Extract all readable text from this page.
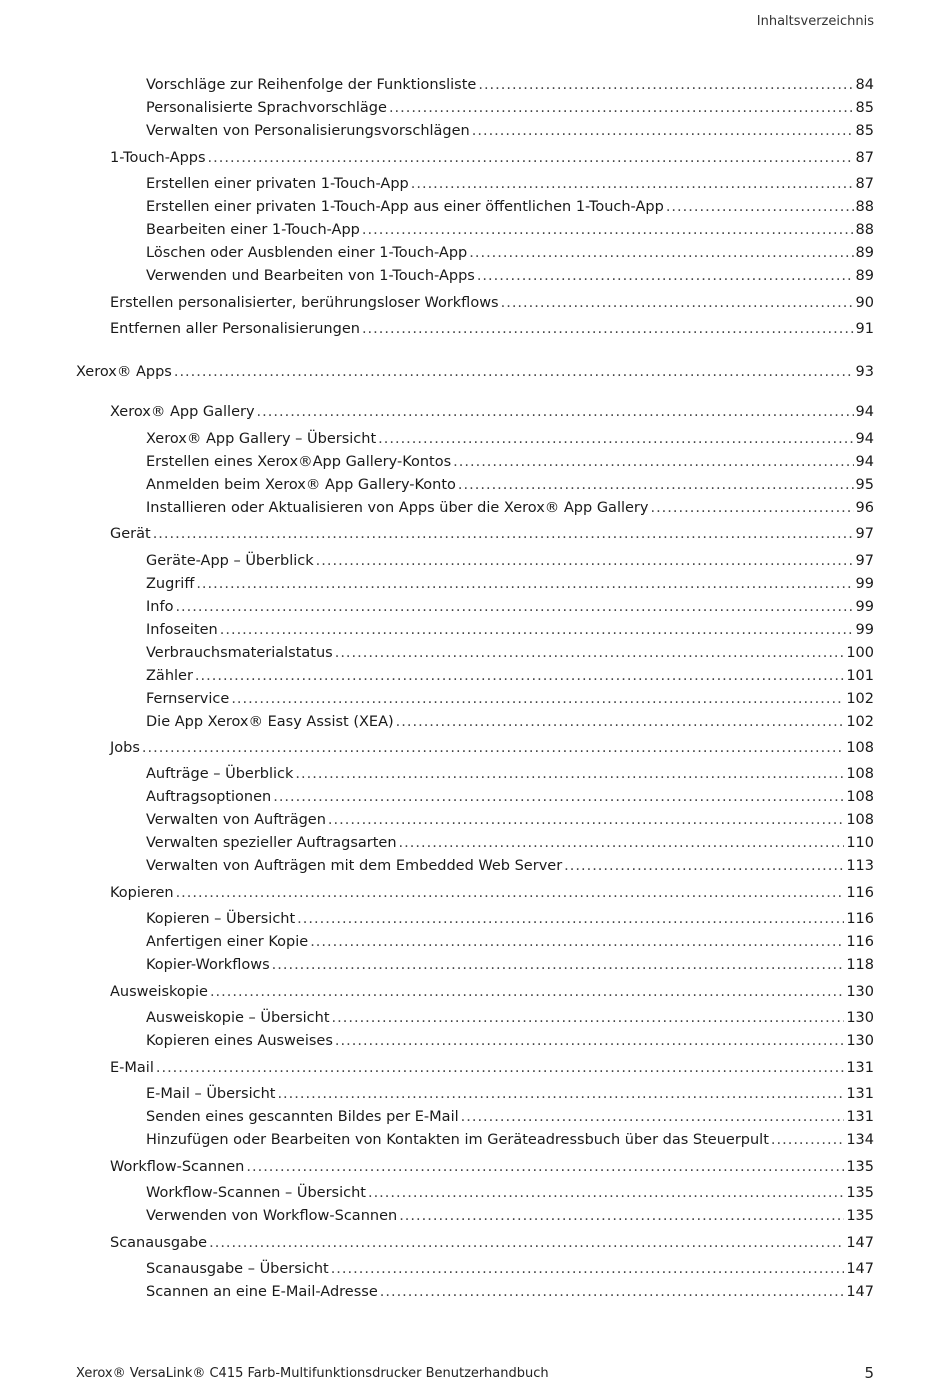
Inhaltsverzeichnis
Vorschläge zur Reihenfolge der Funktionsliste .....	84
Personalisierte Sprachvorschläge .....	85
Verwalten von Personalisierungsvorschlägen .....	85
1-Touch-Apps .....	87
Erstellen einer privaten 1-Touch-App .....	87
Erstellen einer privaten 1-Touch-App aus einer öffentlichen 1-Touch-App .....	88
Bearbeiten einer 1-Touch-App .....	88
Löschen oder Ausblenden einer 1-Touch-App .....	89
Verwenden und Bearbeiten von 1-Touch-Apps .....	89
Erstellen personalisierter, berührungsloser Workflows .....	90
Entfernen aller Personalisierungen .....	91
Xerox® Apps .....	93
Xerox® App Gallery .....	94
Xerox® App Gallery – Übersicht .....	94
Erstellen eines Xerox®App Gallery-Kontos .....	94
Anmelden beim Xerox® App Gallery-Konto .....	95
Installieren oder Aktualisieren von Apps über die Xerox® App Gallery .....	96
Gerät .....	97
Geräte-App – Überblick .....	97
Zugriff .....	99
Info .....	99
Infoseiten .....	99
Verbrauchsmaterialstatus .....	100
Zähler .....	101
Fernservice .....	102
Die App Xerox® Easy Assist (XEA) .....	102
Jobs .....	108
Aufträge – Überblick .....	108
Auftragsoptionen .....	108
Verwalten von Aufträgen .....	108
Verwalten spezieller Auftragsarten .....	110
Verwalten von Aufträgen mit dem Embedded Web Server .....	113
Kopieren .....	116
Kopieren – Übersicht .....	116
Anfertigen einer Kopie .....	116
Kopier-Workflows .....	118
Ausweiskopie .....	130
Ausweiskopie – Übersicht .....	130
Kopieren eines Ausweises .....	130
E-Mail .....	131
E-Mail – Übersicht .....	131
Senden eines gescannten Bildes per E-Mail .....	131
Hinzufügen oder Bearbeiten von Kontakten im Geräteadressbuch über das Steuerpult .....	134
Workflow-Scannen .....	135
Workflow-Scannen – Übersicht .....	135
Verwenden von Workflow-Scannen .....	135
Scanausgabe .....	147
Scanausgabe – Übersicht .....	147
Scannen an eine E-Mail-Adresse .....	147
Xerox® VersaLink® C415 Farb-Multifunktionsdrucker Benutzerhandbuch	5
